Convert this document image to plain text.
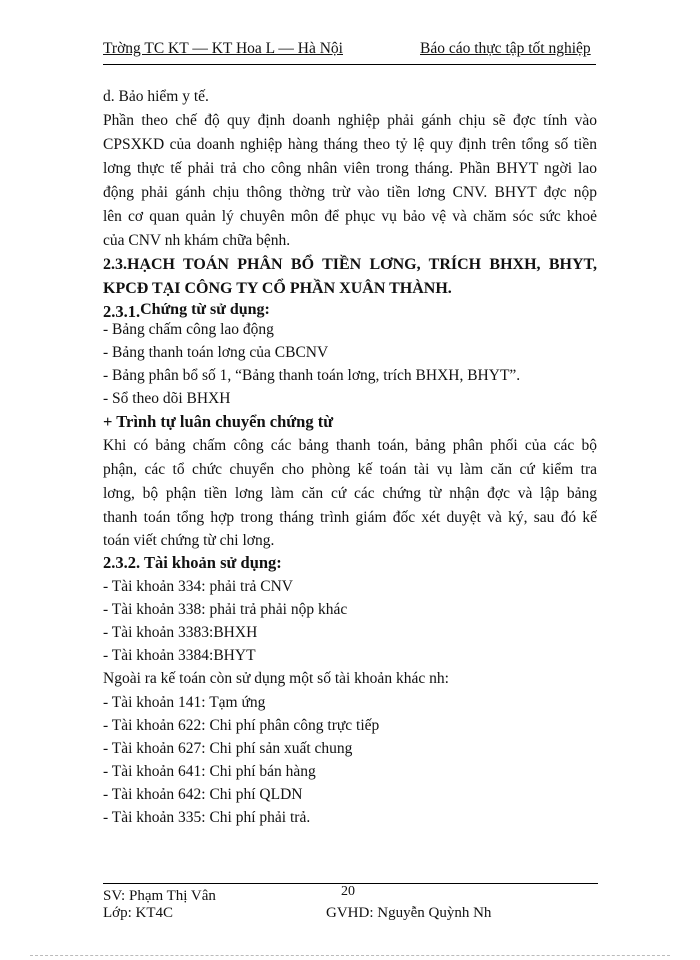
Trờng TC KT — KT Hoa L — Hà Nội	Báo cáo thực tập tốt nghiệp
d. Bảo hiểm y tế.
Phần theo chế độ quy định doanh nghiệp phải gánh chịu sẽ đợc tính vào
CPSXKD của doanh nghiệp hàng tháng theo tỷ lệ quy định trên tổng số tiền
lơng thực tế phải trả cho công nhân viên trong tháng. Phần BHYT ngời lao
động phải gánh chịu thông thờng trừ vào tiền lơng CNV. BHYT đợc nộp
lên cơ quan quản lý chuyên môn để phục vụ bảo vệ và chăm sóc sức khoẻ
của CNV nh khám chữa bệnh.
2.3.HẠCH TOÁN PHÂN BỔ TIỀN LƠNG, TRÍCH BHXH, BHYT,
KPCĐ TẠI CÔNG TY CỔ PHẦN XUÂN THÀNH.
2.3.1.Chứng từ sử dụng:
- Bảng chấm công lao động
- Bảng thanh toán lơng của CBCNV
- Bảng phân bổ số 1, “Bảng thanh toán lơng, trích BHXH, BHYT”.
- Sổ theo dõi BHXH
+ Trình tự luân chuyển chứng từ
Khi có bảng chấm công các bảng thanh toán, bảng phân phối của các bộ
phận, các tổ chức chuyển cho phòng kế toán tài vụ làm căn cứ kiểm tra
lơng, bộ phận tiền lơng làm căn cứ các chứng từ nhận đợc và lập bảng
thanh toán tổng hợp trong tháng trình giám đốc xét duyệt và ký, sau đó kế
toán viết chứng từ chi lơng.
2.3.2. Tài khoản sử dụng:
- Tài khoản 334: phải trả CNV
- Tài khoản 338: phải trả phải nộp khác
- Tài khoản 3383:BHXH
- Tài khoản 3384:BHYT
Ngoài ra kế toán còn sử dụng một số tài khoản khác nh:
- Tài khoản 141: Tạm ứng
- Tài khoản 622: Chi phí phân công trực tiếp
- Tài khoản 627: Chi phí sản xuất chung
- Tài khoản 641: Chi phí bán hàng
- Tài khoản 642: Chi phí QLDN
- Tài khoản 335: Chi phí phải trả.
SV: Phạm Thị Vân	20
Lớp: KT4C	GVHD: Nguyễn Quỳnh Nh
